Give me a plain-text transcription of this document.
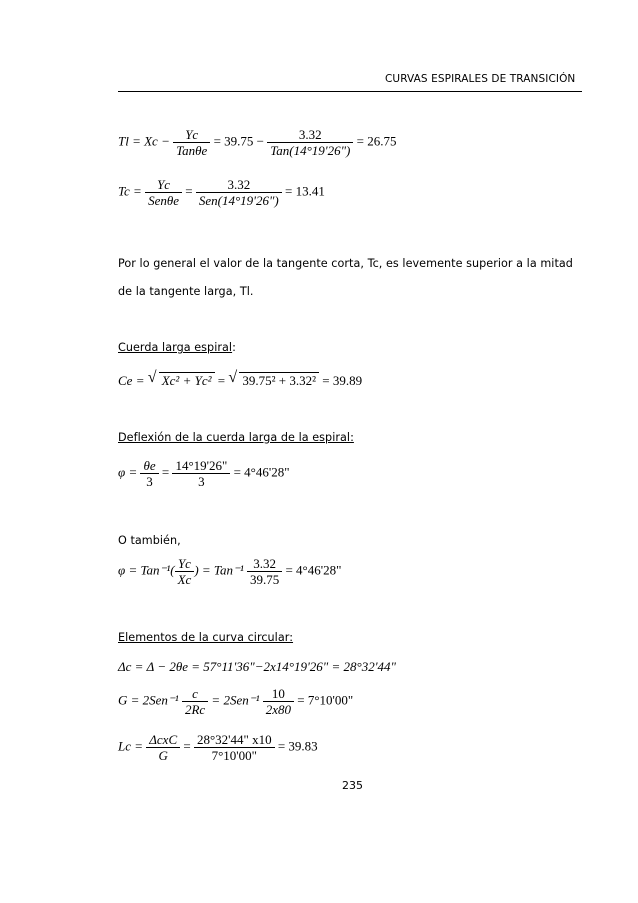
CURVAS ESPIRALES DE TRANSICIÓN
$Tl = Xc - \frac{Yc}{\text{Tanθe}} = 39.75 - \frac{3.32}{\text{Tan(14°19'26")}} = 26.75$
$Tc = \frac{Yc}{\text{Senθe}} = \frac{3.32}{\text{Sen(14°19'26")}} = 13.41$
Por lo general el valor de la tangente corta, Tc, es levemente superior a la mitad
de la tangente larga, Tl.
Cuerda larga espiral:
Ce = √ Xc² + Yc² = √ 39.75² + 3.32² = 39.89
Deflexión de la cuerda larga de la espiral:
$\varphi = \frac{\theta e}{3} = \frac{14^\circ 19'26"}{3} = 4^\circ 46'28$"
O también,
$\varphi = Tan^{-1}( \frac{Yc}{Xc}$ ) = $Tan^{-1} \frac{3.32}{39.75} = 4^\circ 46'28$"
Elementos de la curva circular:
Δc = Δ − 2θe = 57°11'36"−2x14°19'26" = 28°32'44"
$G = 2Sen^{-1} \frac{c}{2Rc} = 2Sen^{-1} \frac{10}{2x80} = 7^\circ 10'00$"
$Lc = \frac{\text{ΔcxC}}{G} = \frac{28^\circ 32'44" x10}{7^\circ 10'00"} = 39.83$
235
